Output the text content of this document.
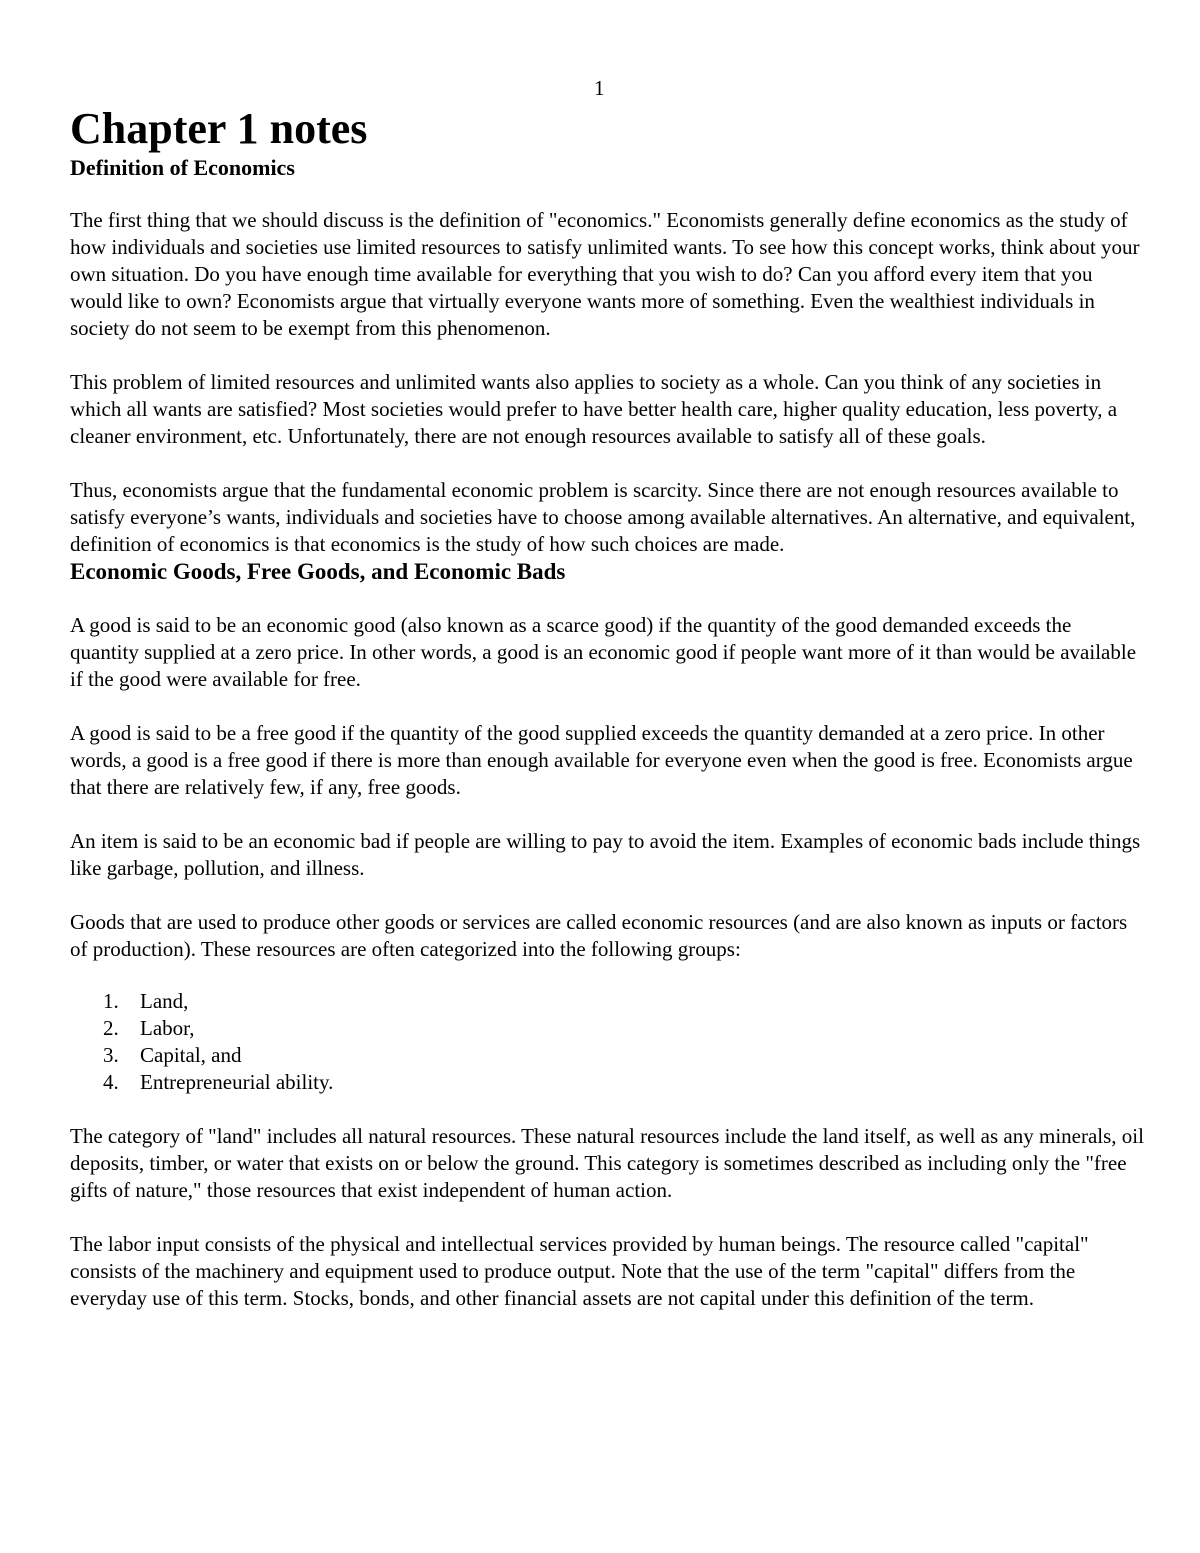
1
Chapter 1 notes
Definition of Economics

The first thing that we should discuss is the definition of "economics." Economists generally define economics as the study of how individuals and societies use limited resources to satisfy unlimited wants. To see how this concept works, think about your own situation. Do you have enough time available for everything that you wish to do? Can you afford every item that you would like to own? Economists argue that virtually everyone wants more of something. Even the wealthiest individuals in society do not seem to be exempt from this phenomenon.

This problem of limited resources and unlimited wants also applies to society as a whole. Can you think of any societies in which all wants are satisfied? Most societies would prefer to have better health care, higher quality education, less poverty, a cleaner environment, etc. Unfortunately, there are not enough resources available to satisfy all of these goals.

Thus, economists argue that the fundamental economic problem is scarcity. Since there are not enough resources available to satisfy everyone’s wants, individuals and societies have to choose among available alternatives. An alternative, and equivalent, definition of economics is that economics is the study of how such choices are made.

Economic Goods, Free Goods, and Economic Bads

A good is said to be an economic good (also known as a scarce good) if the quantity of the good demanded exceeds the quantity supplied at a zero price. In other words, a good is an economic good if people want more of it than would be available if the good were available for free.

A good is said to be a free good if the quantity of the good supplied exceeds the quantity demanded at a zero price. In other words, a good is a free good if there is more than enough available for everyone even when the good is free. Economists argue that there are relatively few, if any, free goods.

An item is said to be an economic bad if people are willing to pay to avoid the item. Examples of economic bads include things like garbage, pollution, and illness.

Goods that are used to produce other goods or services are called economic resources (and are also known as inputs or factors of production). These resources are often categorized into the following groups:

1. Land,
2. Labor,
3. Capital, and
4. Entrepreneurial ability.

The category of "land" includes all natural resources. These natural resources include the land itself, as well as any minerals, oil deposits, timber, or water that exists on or below the ground. This category is sometimes described as including only the "free gifts of nature," those resources that exist independent of human action.

The labor input consists of the physical and intellectual services provided by human beings. The resource called "capital" consists of the machinery and equipment used to produce output. Note that the use of the term "capital" differs from the everyday use of this term. Stocks, bonds, and other financial assets are not capital under this definition of the term.
